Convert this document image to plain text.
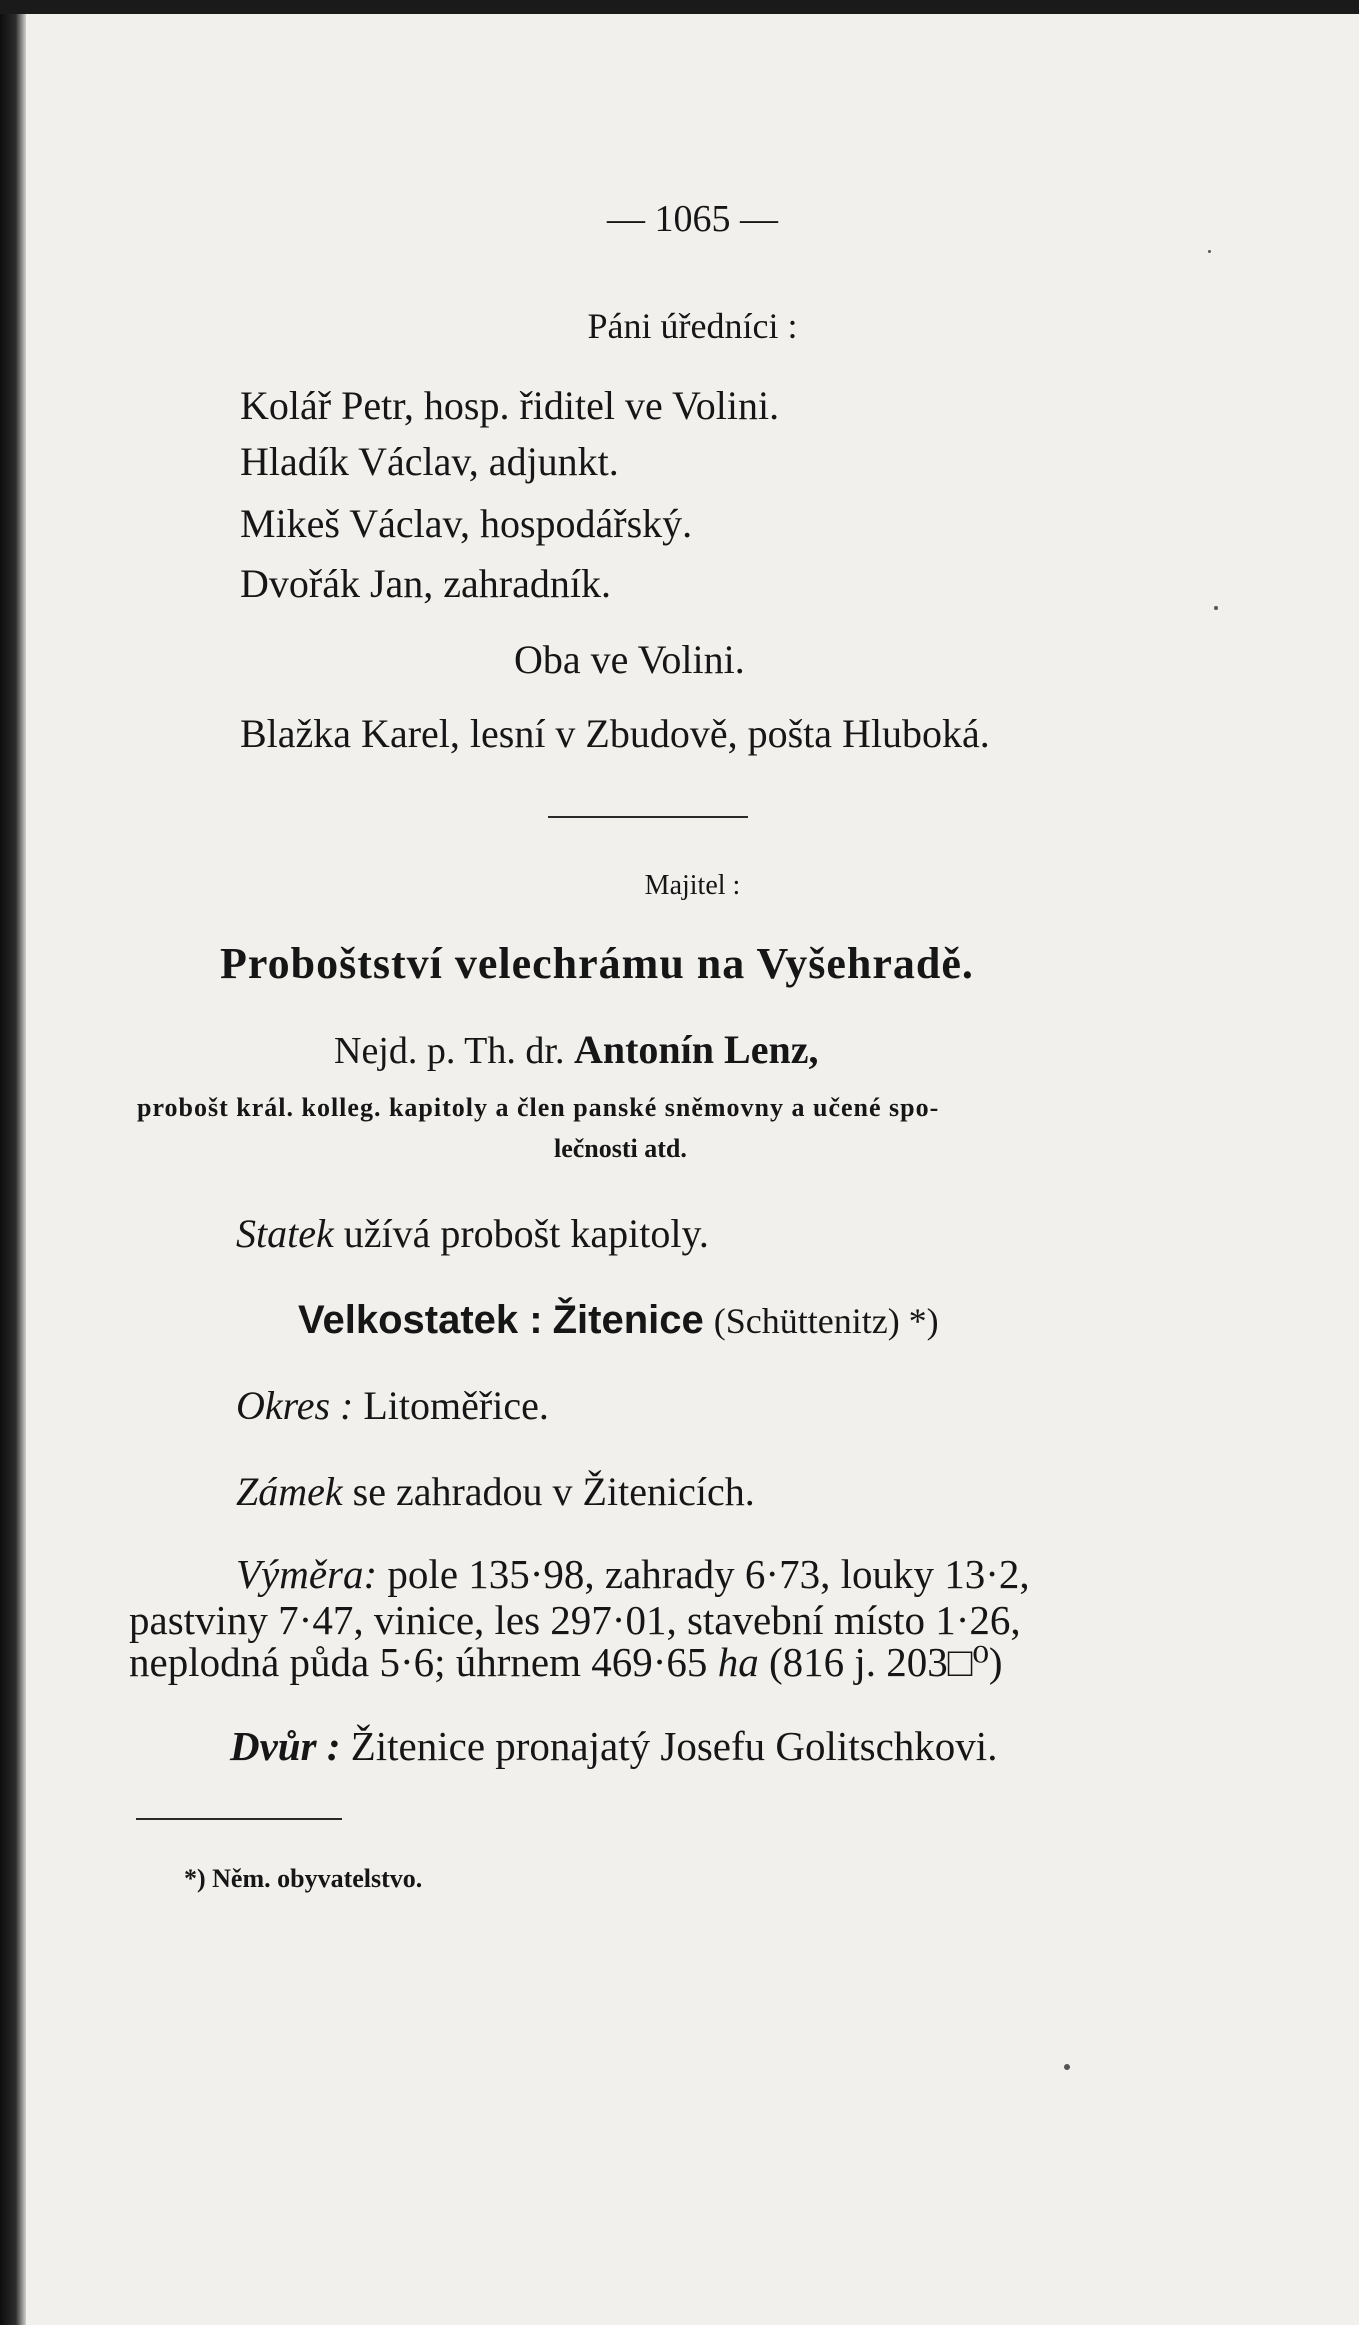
— 1065 —
Páni úředníci :
Kolář Petr, hosp. řiditel ve Volini.
Hladík Václav, adjunkt.
Mikeš Václav, hospodářský.
Dvořák Jan, zahradník.
Oba ve Volini.
Blažka Karel, lesní v Zbudově, pošta Hluboká.
Majitel :
Proboštství velechrámu na Vyšehradě.
Nejd. p. Th. dr. Antonín Lenz,
probošt král. kolleg. kapitoly a člen panské sněmovny a učené spo-
lečnosti atd.
Statek užívá probošt kapitoly.
Velkostatek : Žitenice (Schüttenitz) *)
Okres : Litoměřice.
Zámek se zahradou v Žitenicích.
Výměra: pole 135·98, zahrady 6·73, louky 13·2,
pastviny 7·47, vinice, les 297·01, stavební místo 1·26,
neplodná půda 5·6; úhrnem 469·65 ha (816 j. 203□⁰)
Dvůr : Žitenice pronajatý Josefu Golitschkovi.
*) Něm. obyvatelstvo.
